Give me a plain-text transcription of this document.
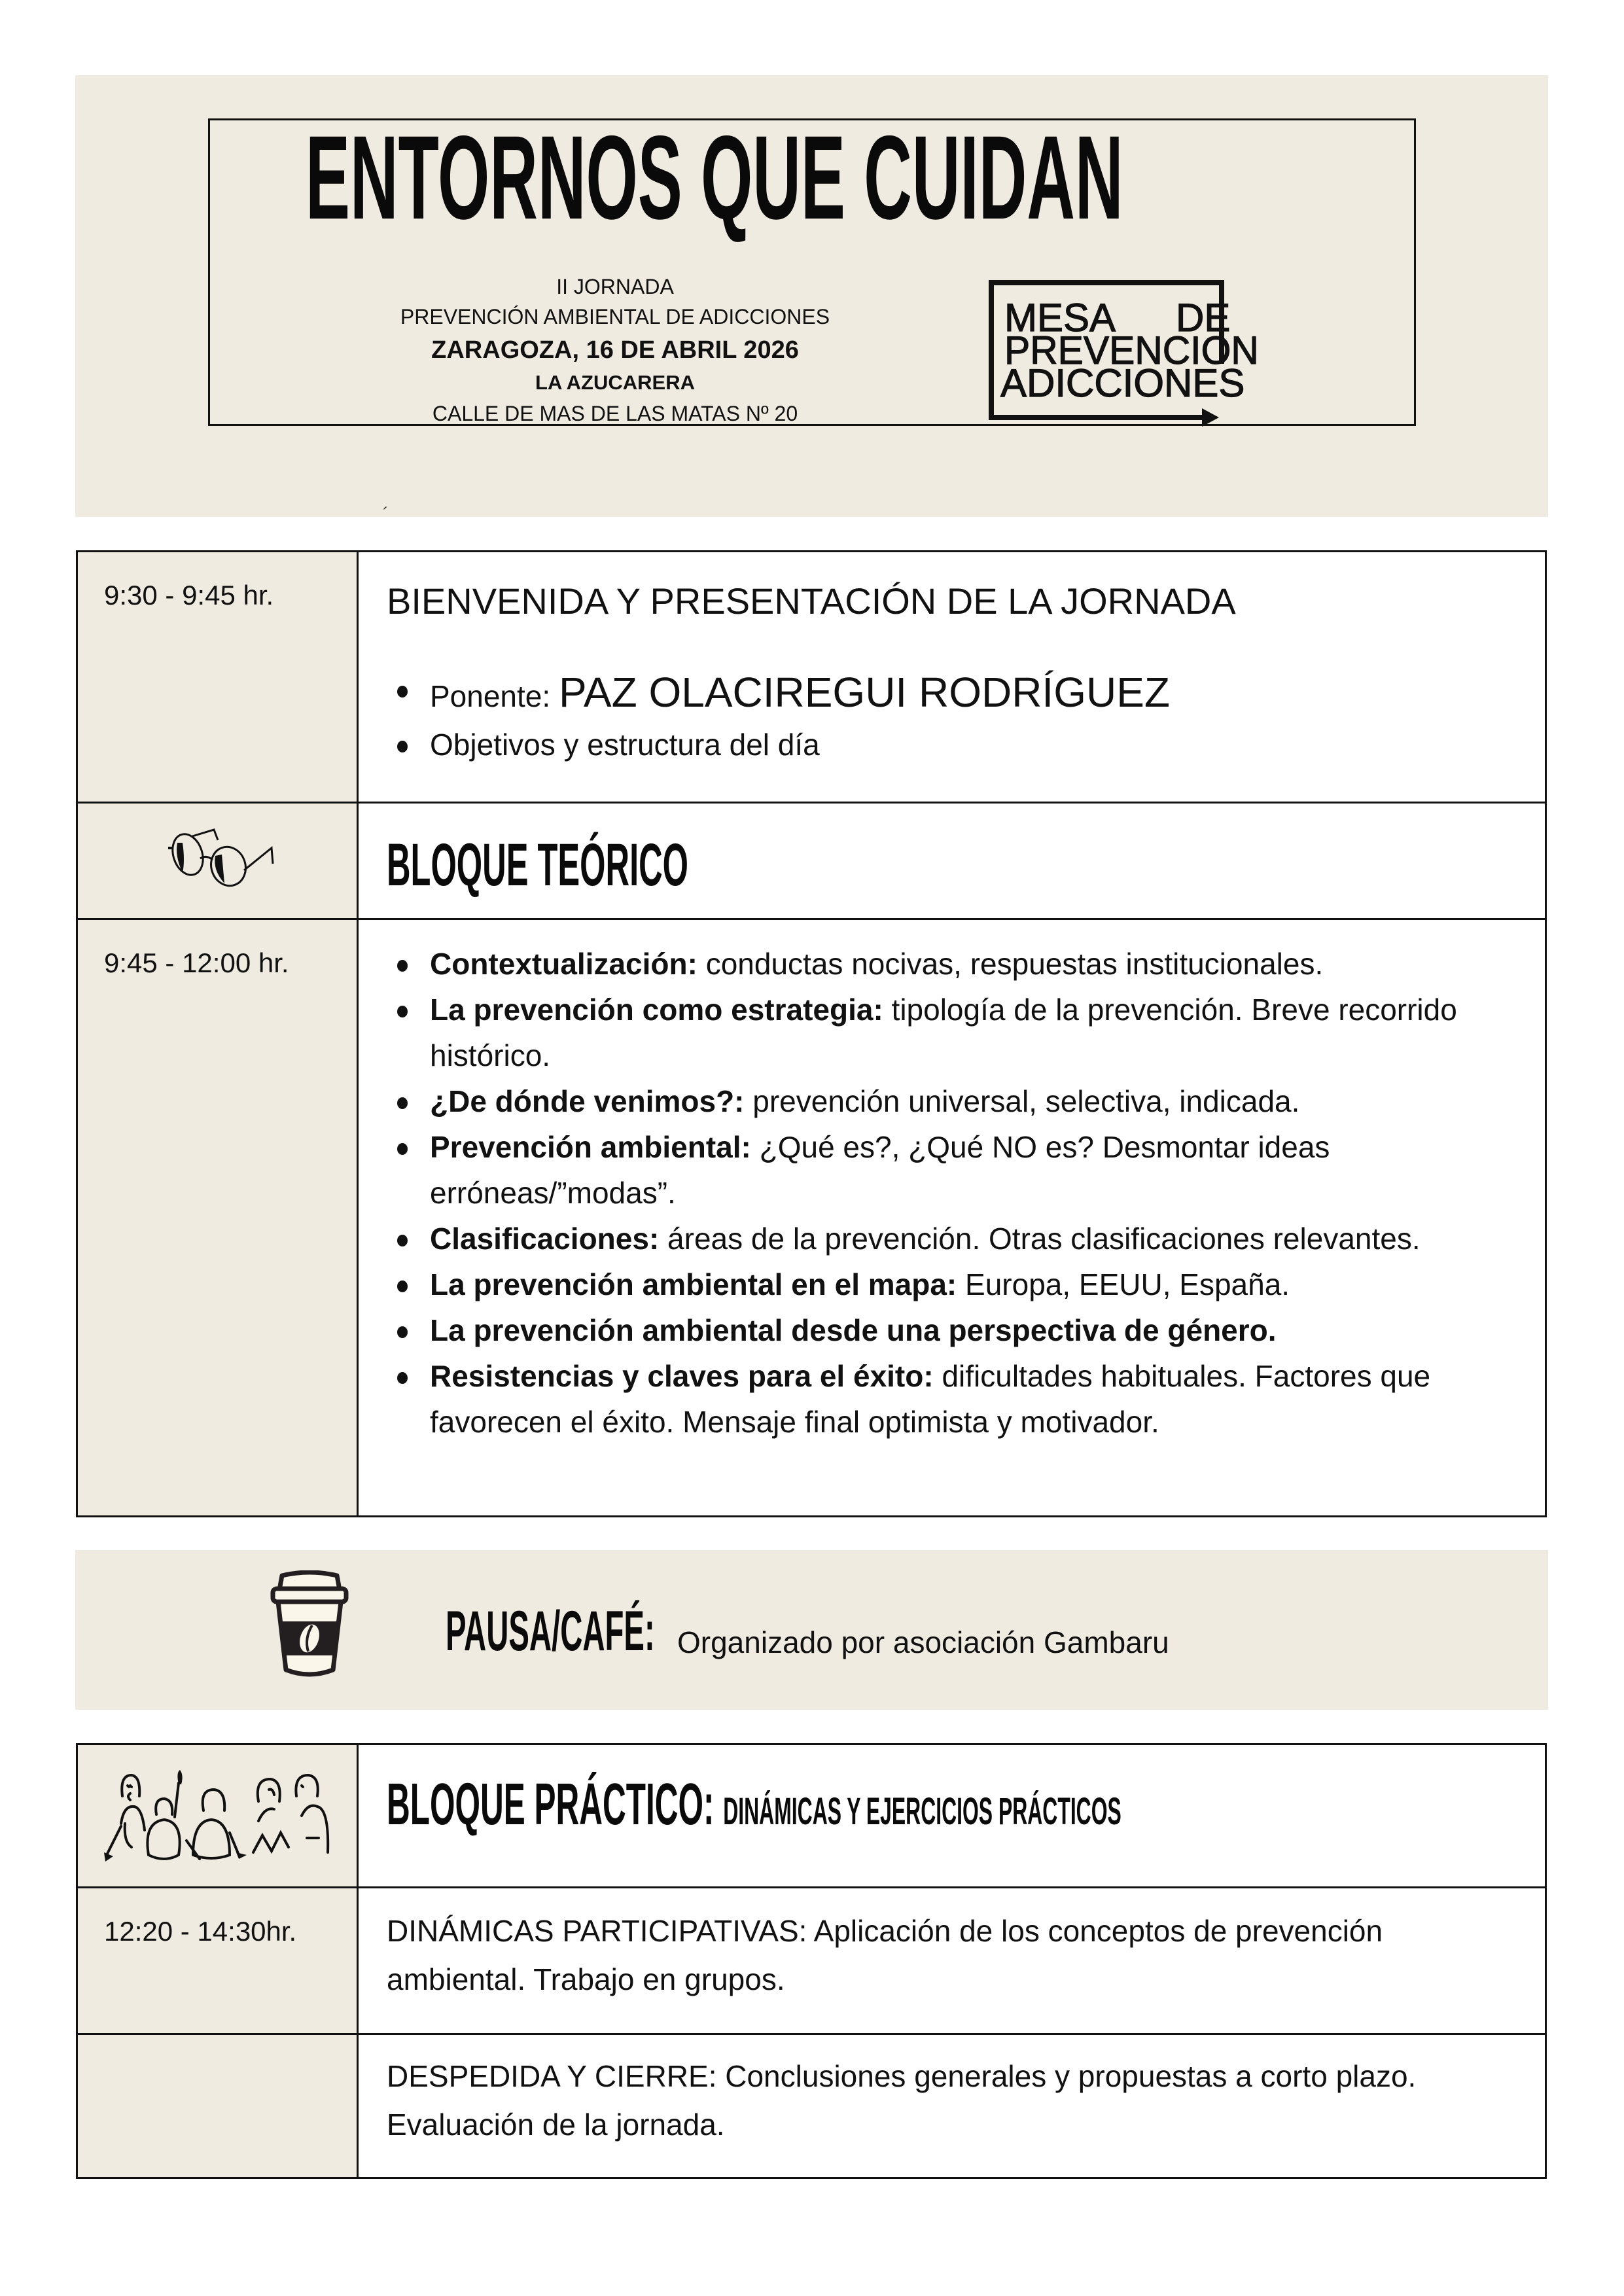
ENTORNOS QUE CUIDAN
II JORNADA
PREVENCIÓN AMBIENTAL DE ADICCIONES
ZARAGOZA, 16 DE ABRIL 2026
LA AZUCARERA
CALLE DE MAS DE LAS MATAS Nº 20
´
MESA DE
PREVENCION
ADICCIONES
9:30 - 9:45 hr.	BIENVENIDA Y PRESENTACIÓN DE LA JORNADA
Ponente: PAZ OLACIREGUI RODRÍGUEZ
Objetivos y estructura del día
BLOQUE TEÓRICO
9:45 - 12:00 hr.	Contextualización: conductas nocivas, respuestas institucionales.
La prevención como estrategia: tipología de la prevención. Breve recorrido histórico.
¿De dónde venimos?: prevención universal, selectiva, indicada.
Prevención ambiental: ¿Qué es?, ¿Qué NO es? Desmontar ideas erróneas/”modas”.
Clasificaciones: áreas de la prevención. Otras clasificaciones relevantes.
La prevención ambiental en el mapa: Europa, EEUU, España.
La prevención ambiental desde una perspectiva de género.
Resistencias y claves para el éxito: dificultades habituales. Factores que favorecen el éxito. Mensaje final optimista y motivador.
PAUSA/CAFÉ: Organizado por asociación Gambaru
BLOQUE PRÁCTICO: DINÁMICAS Y EJERCICIOS PRÁCTICOS
12:20 - 14:30hr.	DINÁMICAS PARTICIPATIVAS: Aplicación de los conceptos de prevención ambiental. Trabajo en grupos.
DESPEDIDA Y CIERRE: Conclusiones generales y propuestas a corto plazo. Evaluación de la jornada.
